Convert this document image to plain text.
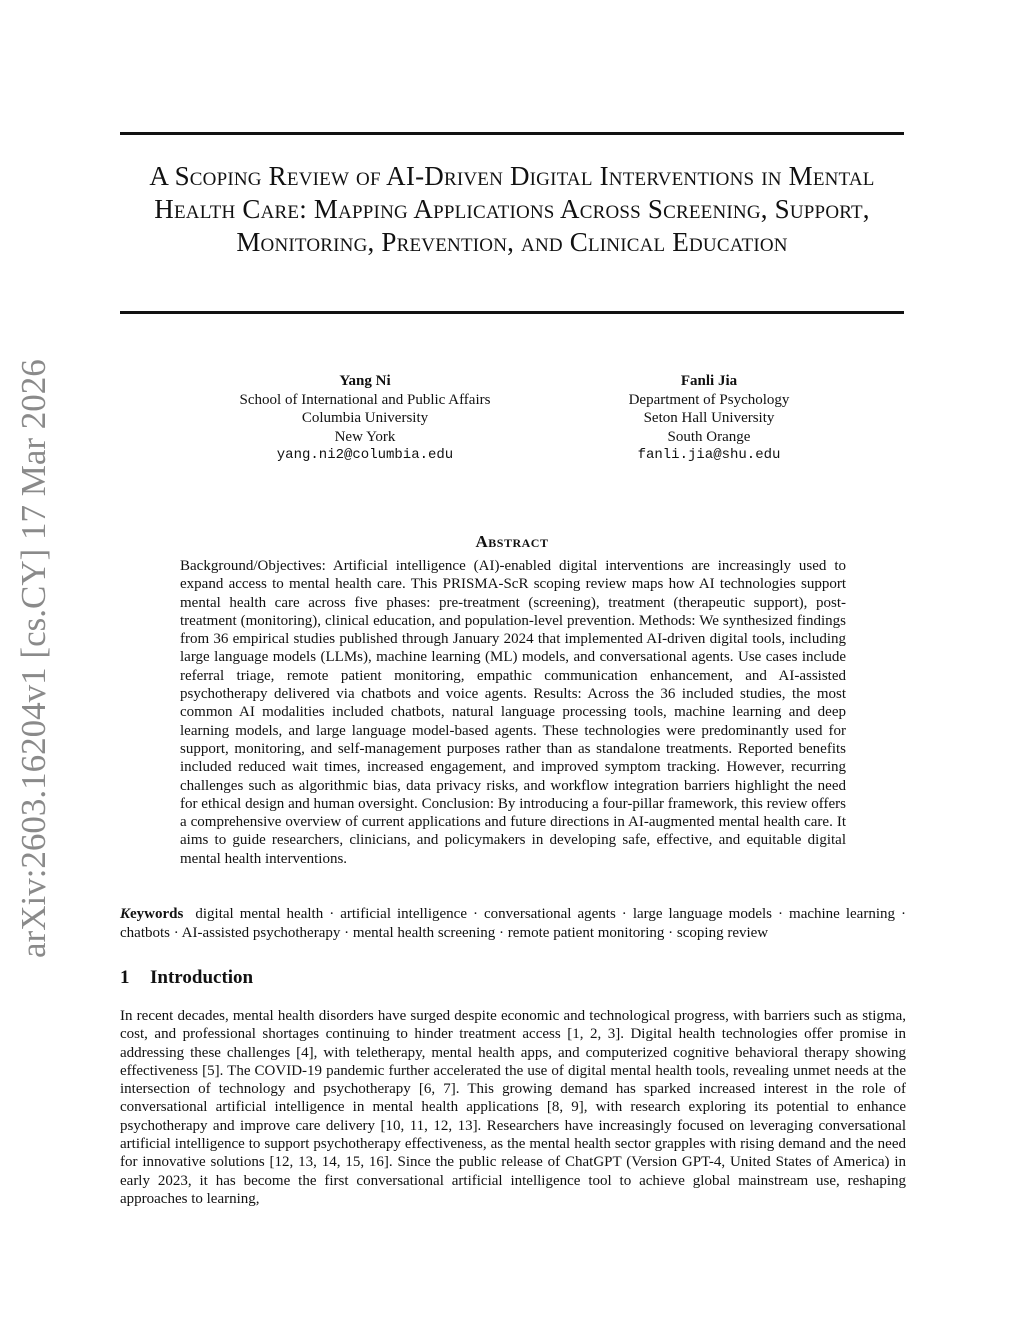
arXiv:2603.16204v1 [cs.CY] 17 Mar 2026
A Scoping Review of AI-Driven Digital Interventions in Mental Health Care: Mapping Applications Across Screening, Support, Monitoring, Prevention, and Clinical Education
Yang Ni
School of International and Public Affairs
Columbia University
New York
yang.ni2@columbia.edu
Fanli Jia
Department of Psychology
Seton Hall University
South Orange
fanli.jia@shu.edu
Abstract

Background/Objectives: Artificial intelligence (AI)-enabled digital interventions are increasingly used to expand access to mental health care. This PRISMA-ScR scoping review maps how AI technologies support mental health care across five phases: pre-treatment (screening), treatment (therapeutic support), post-treatment (monitoring), clinical education, and population-level prevention. Methods: We synthesized findings from 36 empirical studies published through January 2024 that implemented AI-driven digital tools, including large language models (LLMs), machine learning (ML) models, and conversational agents. Use cases include referral triage, remote patient monitoring, empathic communication enhancement, and AI-assisted psychotherapy delivered via chatbots and voice agents. Results: Across the 36 included studies, the most common AI modalities included chatbots, natural language processing tools, machine learning and deep learning models, and large language model-based agents. These technologies were predominantly used for support, monitoring, and self-management purposes rather than as standalone treatments. Reported benefits included reduced wait times, increased engagement, and improved symptom tracking. However, recurring challenges such as algorithmic bias, data privacy risks, and workflow integration barriers highlight the need for ethical design and human oversight. Conclusion: By introducing a four-pillar framework, this review offers a comprehensive overview of current applications and future directions in AI-augmented mental health care. It aims to guide researchers, clinicians, and policymakers in developing safe, effective, and equitable digital mental health interventions.

Keywords digital mental health · artificial intelligence · conversational agents · large language models · machine learning · chatbots · AI-assisted psychotherapy · mental health screening · remote patient monitoring · scoping review

1 Introduction

In recent decades, mental health disorders have surged despite economic and technological progress, with barriers such as stigma, cost, and professional shortages continuing to hinder treatment access [1, 2, 3]. Digital health technologies offer promise in addressing these challenges [4], with teletherapy, mental health apps, and computerized cognitive behavioral therapy showing effectiveness [5]. The COVID-19 pandemic further accelerated the use of digital mental health tools, revealing unmet needs at the intersection of technology and psychotherapy [6, 7]. This growing demand has sparked increased interest in the role of conversational artificial intelligence in mental health applications [8, 9], with research exploring its potential to enhance psychotherapy and improve care delivery [10, 11, 12, 13]. Researchers have increasingly focused on leveraging conversational artificial intelligence to support psychotherapy effectiveness, as the mental health sector grapples with rising demand and the need for innovative solutions [12, 13, 14, 15, 16]. Since the public release of ChatGPT (Version GPT-4, United States of America) in early 2023, it has become the first conversational artificial intelligence tool to achieve global mainstream use, reshaping approaches to learning,
